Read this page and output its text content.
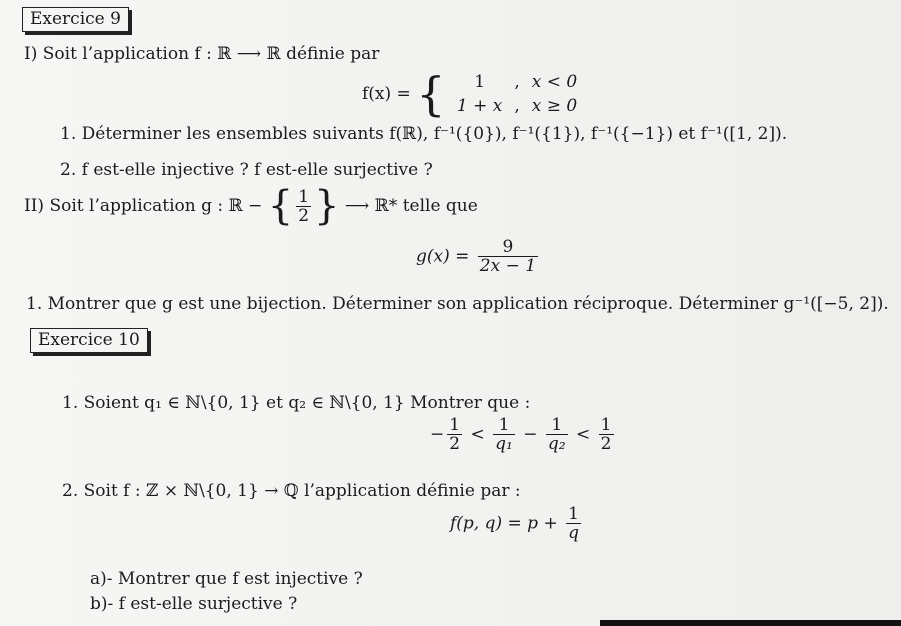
Exercice 9
I) Soit l’application f : ℝ ⟶ ℝ définie par
f(x) = { 1	,	x < 0
1 + x	,	x ≥ 0
1. Déterminer les ensembles suivants f(ℝ), f⁻¹({0}), f⁻¹({1}), f⁻¹({−1}) et f⁻¹([1, 2]).
2. f est-elle injective ? f est-elle surjective ?
II) Soit l’application g : ℝ − { $\frac{1}{2}$ } ⟶ ℝ* telle que
$g(x) = \frac{9}{2x - 1}$
1. Montrer que g est une bijection. Déterminer son application réciproque. Déterminer g⁻¹([−5, 2]).
Exercice 10
1. Soient q₁ ∈ ℕ\{0, 1} et q₂ ∈ ℕ\{0, 1} Montrer que :
− $\frac{1}{2} < \frac{1}{\text{q₁}} - \frac{1}{\text{q₂}} < \frac{1}{2}$
2. Soit f : ℤ × ℕ\{0, 1} → ℚ l’application définie par :
f(p, $q) = p + \frac{1}{q}$
a)- Montrer que f est injective ?
b)- f est-elle surjective ?
